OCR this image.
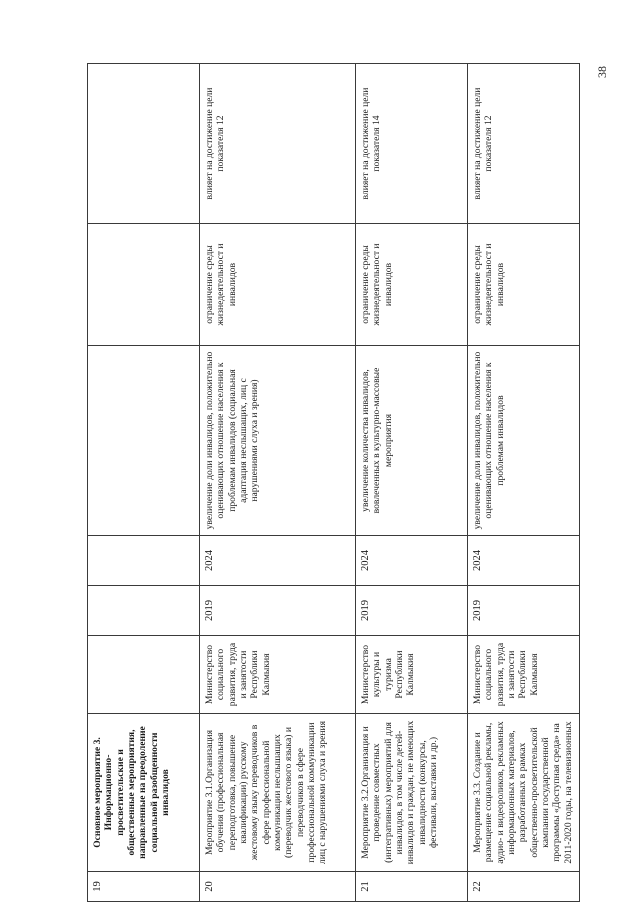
38
19	Основное мероприятие 3. Информационно-просветительские и общественные мероприятия, направленные на преодоление социальной разобщенности инвалидов						
20	Мероприятие 3.1.Организация обучения (профессиональная переподготовка, повышение квалификации) русскому жестовому языку переводчиков в сфере профессиональной коммуникации неслышащих (переводчик жестового языка) и переводчиков в сфере профессиональной коммуникации лиц с нарушениями слуха и зрения	Министерство социального развития, труда и занятости Республики Калмыкия	2019	2024	увеличение доли инвалидов, положительно оценивающих отношение населения к проблемам инвалидов (социальная адаптация неслышащих, лиц с нарушениями слуха и зрения)	ограничение среды жизнедеятельност и инвалидов	влияет на достижение цели показателя 12
21	Мероприятие 3.2.Организация и проведение совместных (интегративных) мероприятий для инвалидов, в том числе детей-инвалидов и граждан, не имеющих инвалидности (конкурсы, фестивали, выставки и др.)	Министерство культуры и туризма Республики Калмыкия	2019	2024	увеличение количества инвалидов, вовлеченных в культурно-массовые мероприятия	ограничение среды жизнедеятельност и инвалидов	влияет на достижение цели показателя 14
22	Мероприятие 3.3. Создание и размещение социальной рекламы, аудио- и видеороликов, рекламных информационных материалов, разработанных в рамках общественно-просветительской кампании государственной программы «Доступная среда» на 2011-2020 годы, на телевизионных	Министерство социального развития, труда и занятости Республики Калмыкия	2019	2024	увеличение доли инвалидов, положительно оценивающих отношение населения к проблемам инвалидов	ограничение среды жизнедеятельност и инвалидов	влияет на достижение цели показателя 12
